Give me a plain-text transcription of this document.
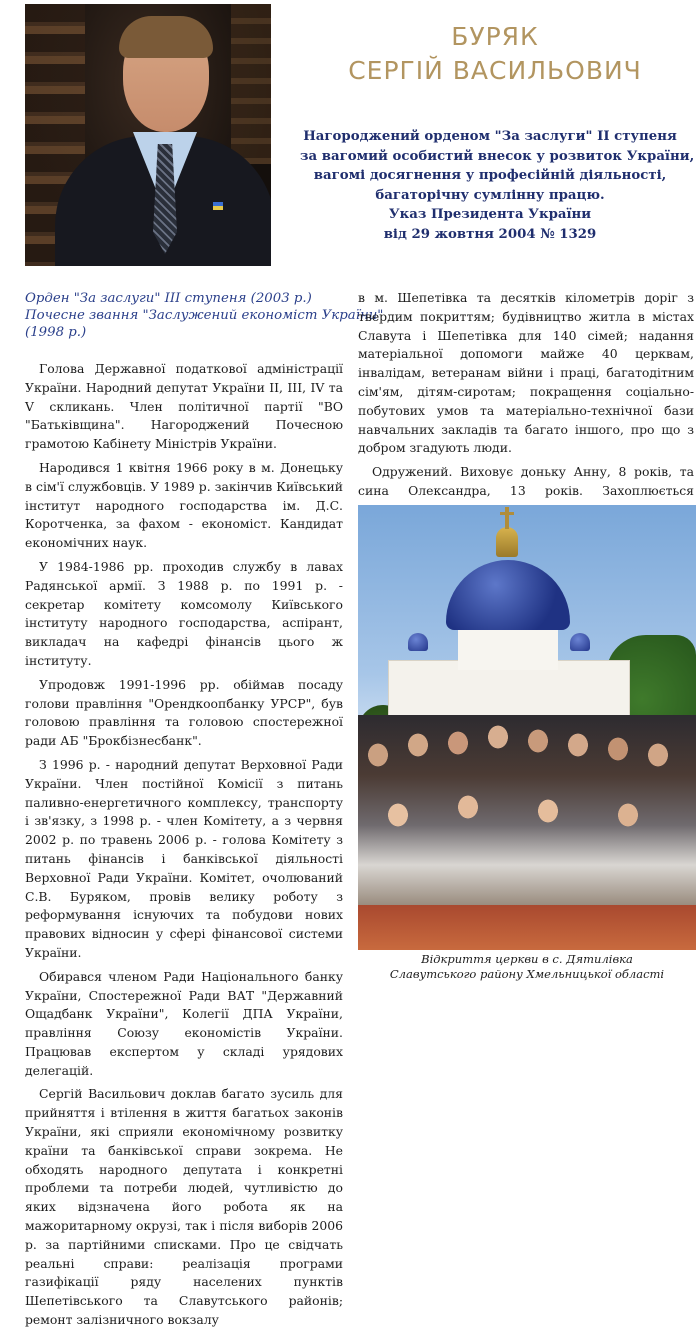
БУРЯК
СЕРГІЙ ВАСИЛЬОВИЧ
Нагороджений орденом "За заслуги" II ступеня
за вагомий особистий внесок у розвиток України,
вагомі досягнення у професійній діяльності,
багаторічну сумлінну працю.
Указ Президента України
від 29 жовтня 2004 № 1329
Орден "За заслуги" III ступеня (2003 р.)
Почесне звання "Заслужений економіст України"
(1998 р.)

Голова Державної податкової адміністрації України. Народний депутат України II, III, IV та V скликань. Член політичної партії "ВО "Батьківщина". Нагороджений Почесною грамотою Кабінету Міністрів України.

Народився 1 квітня 1966 року в м. Донецьку в сім'ї службовців. У 1989 р. закінчив Київський інститут народного господарства ім. Д.С. Коротченка, за фахом - економіст. Кандидат економічних наук.

У 1984-1986 рр. проходив службу в лавах Радянської армії. З 1988 р. по 1991 р. - секретар комітету комсомолу Київського інституту народного господарства, аспірант, викладач на кафедрі фінансів цього ж інституту.

Упродовж 1991-1996 рр. обіймав посаду голови правління "Орендкоопбанку УРСР", був головою правління та головою спостережної ради АБ "Брокбізнесбанк".

З 1996 р. - народний депутат Верховної Ради України. Член постійної Комісії з питань паливно-енергетичного комплексу, транспорту і зв'язку, з 1998 р. - член Комітету, а з червня 2002 р. по травень 2006 р. - голова Комітету з питань фінансів і банківської діяльності Верховної Ради України. Комітет, очолюваний С.В. Буряком, провів велику роботу з реформування існуючих та побудови нових правових відносин у сфері фінансової системи України.

Обирався членом Ради Національного банку України, Спостережної Ради ВАТ "Державний Ощадбанк України", Колегії ДПА України, правління Союзу економістів України. Працював експертом у складі урядових делегацій.

Сергій Васильович доклав багато зусиль для прийняття і втілення в життя багатьох законів України, які сприяли економічному розвитку країни та банківської справи зокрема. Не обходять народного депутата і конкретні проблеми та потреби людей, чутливістю до яких відзначена його робота як на мажоритарному окрузі, так і після виборів 2006 р. за партійними списками. Про це свідчать реальні справи: реалізація програми газифікації ряду населених пунктів Шепетівського та Славутського районів; ремонт залізничного вокзалу

в м. Шепетівка та десятків кілометрів доріг з твердим покриттям; будівництво житла в містах Славута і Шепетівка для 140 сімей; надання матеріальної допомоги майже 40 церквам, інвалідам, ветеранам війни і праці, багатодітним сім'ям, дітям-сиротам; покращення соціально-побутових умов та матеріально-технічної бази навчальних закладів та багато іншого, про що з добром згадують люди.

Одружений. Виховує доньку Анну, 8 років, та сина Олександра, 13 років. Захоплюється

Відкриття церкви в с. Дятилівка
Славутського району Хмельницької області
